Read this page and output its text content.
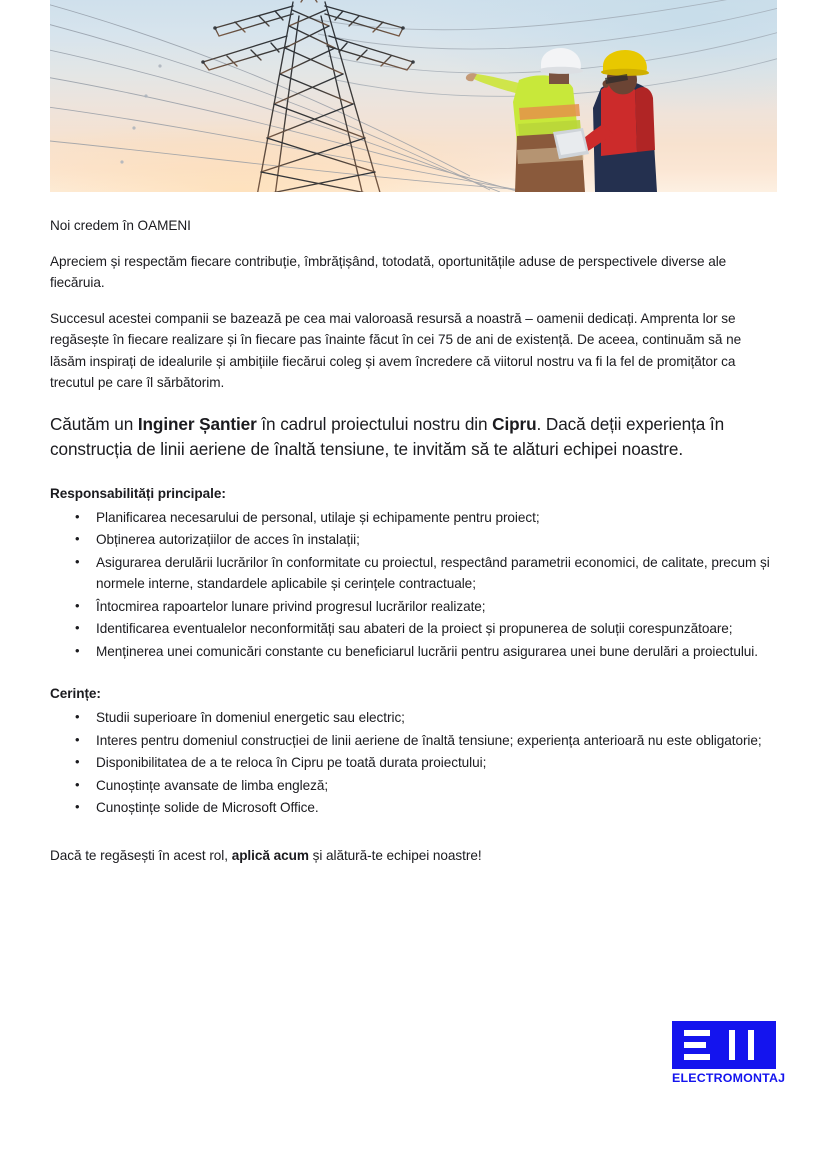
Noi credem în OAMENI

Apreciem și respectăm fiecare contribuție, îmbrățișând, totodată, oportunitățile aduse de perspectivele diverse ale fiecăruia.

Succesul acestei companii se bazează pe cea mai valoroasă resursă a noastră – oamenii dedicați. Amprenta lor se regăsește în fiecare realizare și în fiecare pas înainte făcut în cei 75 de ani de existență. De aceea, continuăm să ne lăsăm inspirați de idealurile și ambițiile fiecărui coleg și avem încredere că viitorul nostru va fi la fel de promițător ca trecutul pe care îl sărbătorim.

Căutăm un Inginer Șantier în cadrul proiectului nostru din Cipru. Dacă deții experiența în construcția de linii aeriene de înaltă tensiune, te invităm să te alături echipei noastre.

Responsabilități principale:

• Planificarea necesarului de personal, utilaje și echipamente pentru proiect;
• Obținerea autorizațiilor de acces în instalații;
• Asigurarea derulării lucrărilor în conformitate cu proiectul, respectând parametrii economici, de calitate, precum și normele interne, standardele aplicabile și cerințele contractuale;
• Întocmirea rapoartelor lunare privind progresul lucrărilor realizate;
• Identificarea eventualelor neconformități sau abateri de la proiect și propunerea de soluții corespunzătoare;
• Menținerea unei comunicări constante cu beneficiarul lucrării pentru asigurarea unei bune derulări a proiectului.

Cerințe:

• Studii superioare în domeniul energetic sau electric;
• Interes pentru domeniul construcției de linii aeriene de înaltă tensiune; experiența anterioară nu este obligatorie;
• Disponibilitatea de a te reloca în Cipru pe toată durata proiectului;
• Cunoștințe avansate de limba engleză;
• Cunoștințe solide de Microsoft Office.

Dacă te regăsești în acest rol, aplică acum și alătură-te echipei noastre!

ELECTROMONTAJ
